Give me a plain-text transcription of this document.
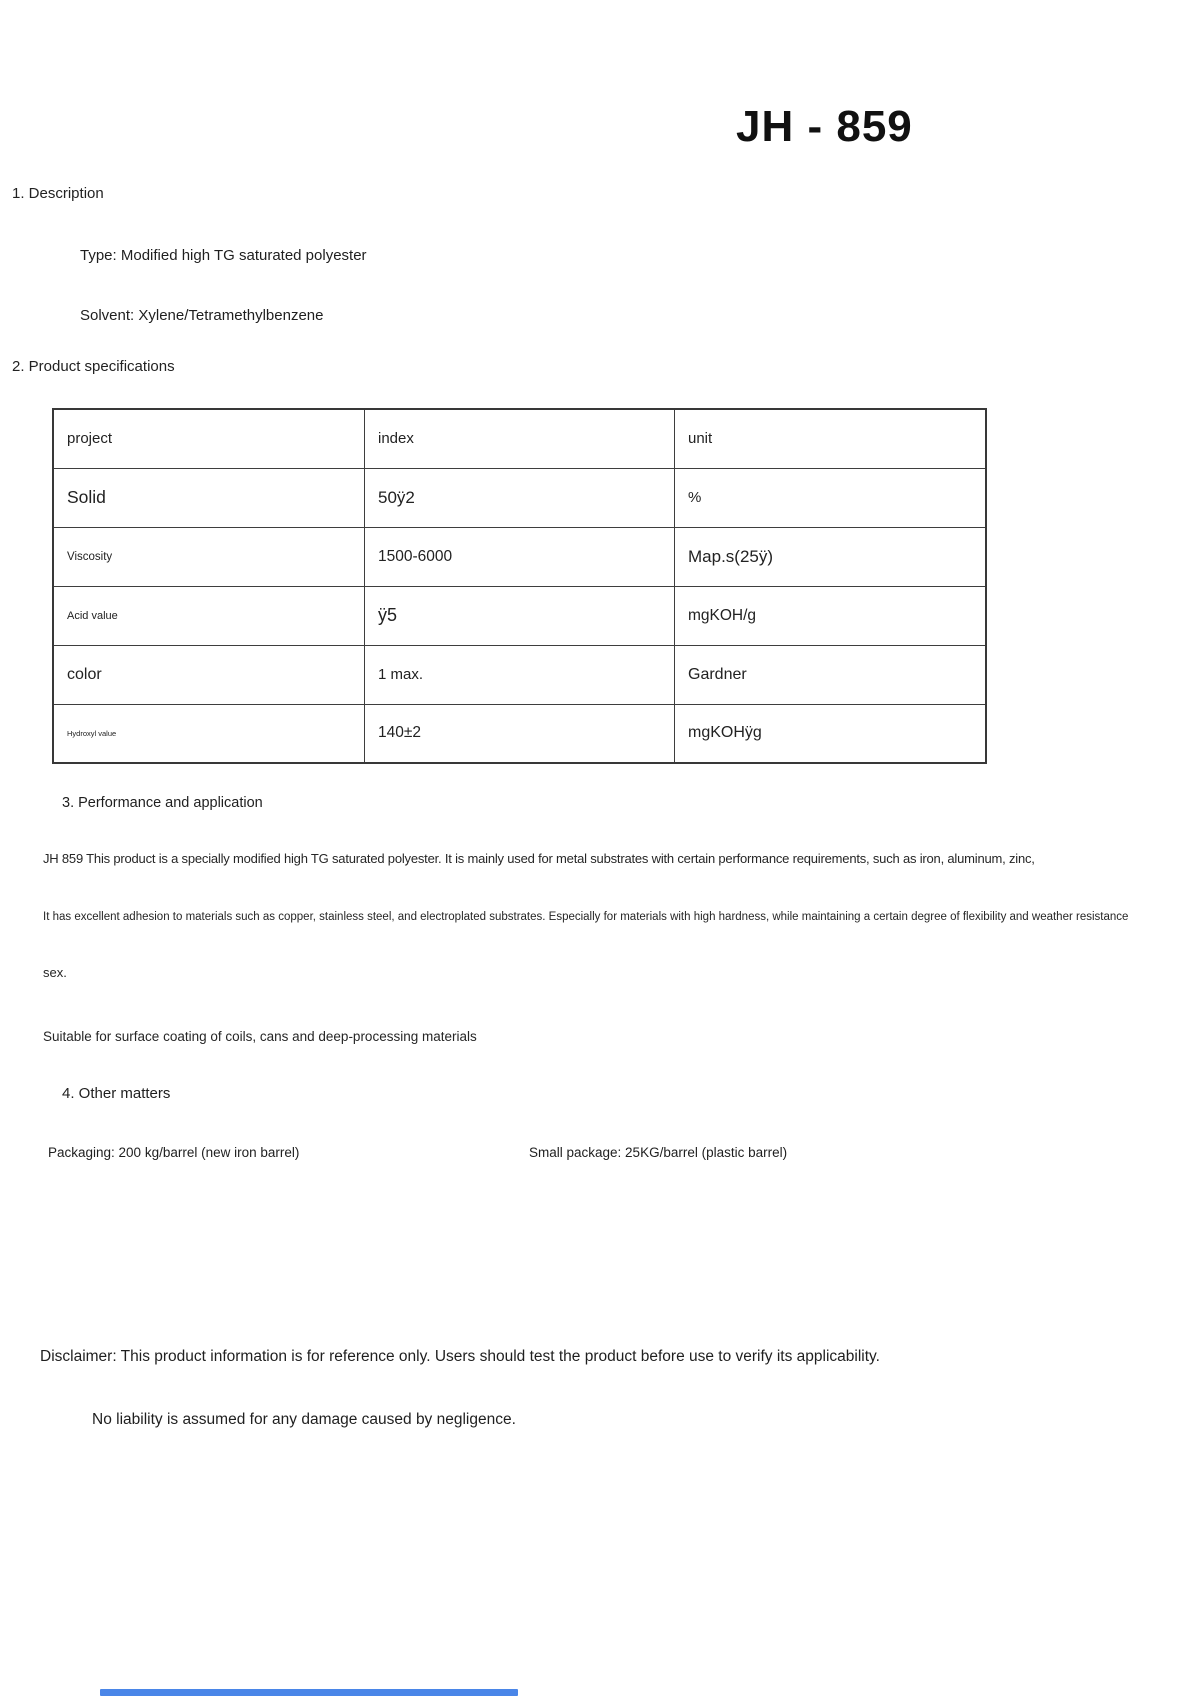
JH - 859
1. Description
Type: Modified high TG saturated polyester
Solvent: Xylene/Tetramethylbenzene
2. Product specifications
project	index	unit
Solid	50ÿ2	%
Viscosity	1500-6000	Map.s(25ÿ)
Acid value	ÿ5	mgKOH/g
color	1 max.	Gardner
Hydroxyl value	140±2	mgKOHÿg
3. Performance and application
JH 859 This product is a specially modified high TG saturated polyester. It is mainly used for metal substrates with certain performance requirements, such as iron, aluminum, zinc,
It has excellent adhesion to materials such as copper, stainless steel, and electroplated substrates. Especially for materials with high hardness, while maintaining a certain degree of flexibility and weather resistance
sex.
Suitable for surface coating of coils, cans and deep-processing materials
4. Other matters
Packaging: 200 kg/barrel (new iron barrel)	Small package: 25KG/barrel (plastic barrel)
Disclaimer: This product information is for reference only. Users should test the product before use to verify its applicability.
No liability is assumed for any damage caused by negligence.
